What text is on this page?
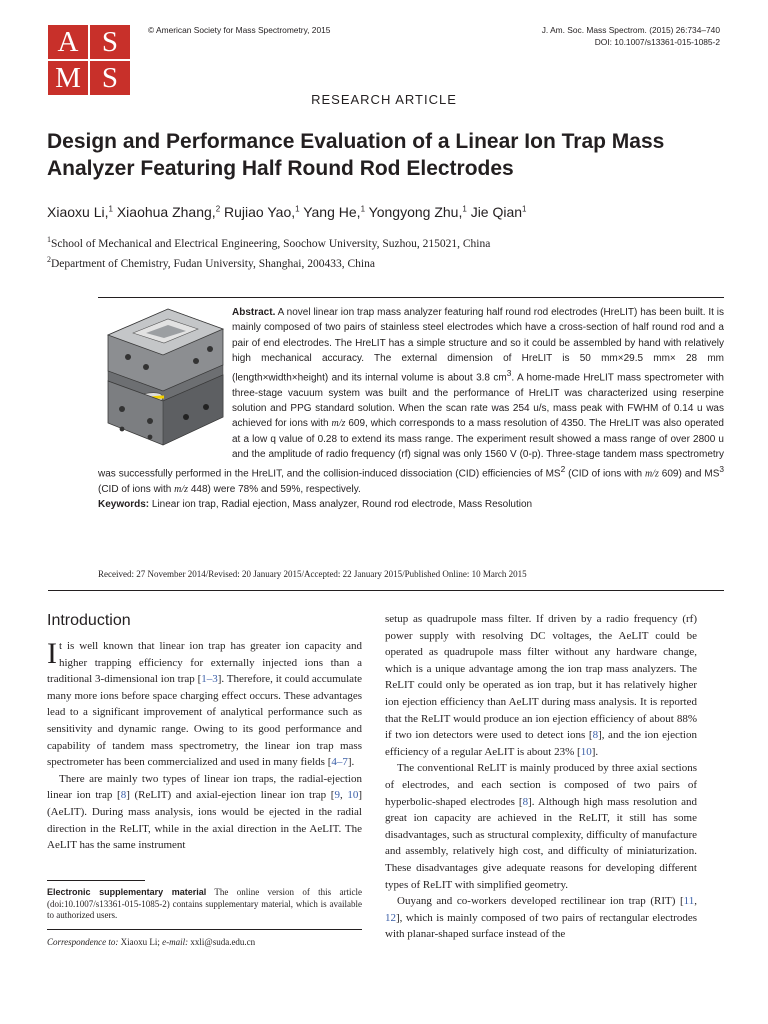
A S
M S
© American Society for Mass Spectrometry, 2015	J. Am. Soc. Mass Spectrom. (2015) 26:734–740
DOI: 10.1007/s13361-015-1085-2
RESEARCH ARTICLE
Design and Performance Evaluation of a Linear Ion Trap Mass Analyzer Featuring Half Round Rod Electrodes
Xiaoxu Li,$^1$ Xiaohua Zhang,$^2$ Rujiao Yao,$^1$ Yang He,$^1$ Yongyong Zhu,$^1$ Jie Qian$^1$
$^1$School of Mechanical and Electrical Engineering, Soochow University, Suzhou, 215021, China
$^2$Department of Chemistry, Fudan University, Shanghai, 200433, China

Abstract. A novel linear ion trap mass analyzer featuring half round rod electrodes (HreLIT) has been built. It is mainly composed of two pairs of stainless steel electrodes which have a cross-section of half round rod and a pair of end electrodes. The HreLIT has a simple structure and so it could be assembled by hand with relatively high mechanical accuracy. The external dimension of HreLIT is 50 mm×29.5 mm× 28 mm (length×width×height) and its internal volume is about 3.8 $cm^3$. A home-made HreLIT mass spectrometer with three-stage vacuum system was built and the performance of HreLIT was characterized using reserpine solution and PPG standard solution. When the scan rate was 254 u/s, mass peak with FWHM of 0.14 u was achieved for ions with m/z 609, which corresponds to a mass resolution of 4350. The HreLIT was also operated at a low q value of 0.28 to extend its mass range. The experiment result showed a mass range of over 2800 u and the amplitude of radio frequency (rf) signal was only 1560 V (0-p). Three-stage tandem mass spectrometry was successfully performed in the HreLIT, and the collision-induced dissociation (CID) efficiencies of $MS^2$ (CID of ions with m/z 609) and $MS^3$ (CID of ions with m/z 448) were 78% and 59%, respectively.

Keywords: Linear ion trap, Radial ejection, Mass analyzer, Round rod electrode, Mass Resolution

Received: 27 November 2014/Revised: 20 January 2015/Accepted: 22 January 2015/Published Online: 10 March 2015
Introduction

It is well known that linear ion trap has greater ion capacity and higher trapping efficiency for externally injected ions than a traditional 3-dimensional ion trap [1–3]. Therefore, it could accumulate many more ions before space charging effect occurs. These advantages lead to a significant improvement of analytical performance such as sensitivity and dynamic range. Owing to its good performance and capability of tandem mass spectrometry, the linear ion trap mass spectrometer has been commercialized and used in many fields [4–7].

There are mainly two types of linear ion traps, the radial-ejection linear ion trap [8] (ReLIT) and axial-ejection linear ion trap [9, 10] (AeLIT). During mass analysis, ions would be ejected in the radial direction in the ReLIT, while in the axial direction in the AeLIT. The AeLIT has the same instrument

setup as quadrupole mass filter. If driven by a radio frequency (rf) power supply with resolving DC voltages, the AeLIT could be operated as quadrupole mass filter without any hardware change, which is a unique advantage among the ion trap mass analyzers. The ReLIT could only be operated as ion trap, but it has relatively higher ion ejection efficiency than AeLIT during mass analysis. It is reported that the ReLIT would produce an ion ejection efficiency of about 88% if two ion detectors were used to detect ions [8], and the ion ejection efficiency of a regular AeLIT is about 23% [10].

The conventional ReLIT is mainly produced by three axial sections of electrodes, and each section is composed of two pairs of hyperbolic-shaped electrodes [8]. Although high mass resolution and great ion capacity are achieved in the ReLIT, it still has some disadvantages, such as structural complexity, difficulty of manufacture and assembly, relatively high cost, and difficulty of miniaturization. These disadvantages give adequate reasons for developing different types of ReLIT with simplified geometry.

Ouyang and co-workers developed rectilinear ion trap (RIT) [11, 12], which is mainly composed of two pairs of rectangular electrodes with planar-shaped surface instead of the

Electronic supplementary material The online version of this article (doi:10.1007/s13361-015-1085-2) contains supplementary material, which is available to authorized users.
Correspondence to: Xiaoxu Li; e-mail: xxli@suda.edu.cn
